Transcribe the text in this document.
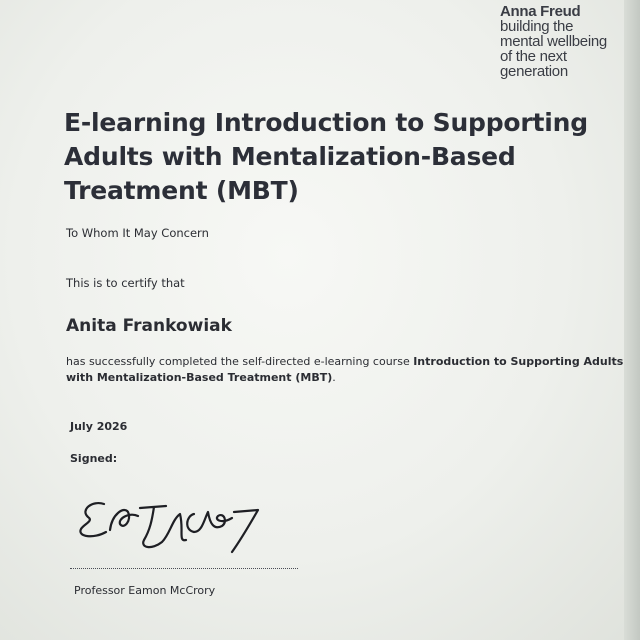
Anna Freud
building the
mental wellbeing
of the next
generation
E-learning Introduction to Supporting
Adults with Mentalization-Based
Treatment (MBT)
To Whom It May Concern
This is to certify that
Anita Frankowiak
has successfully completed the self-directed e-learning course Introduction to Supporting Adults with Mentalization-Based Treatment (MBT).
July 2026
Signed:
Professor Eamon McCrory
